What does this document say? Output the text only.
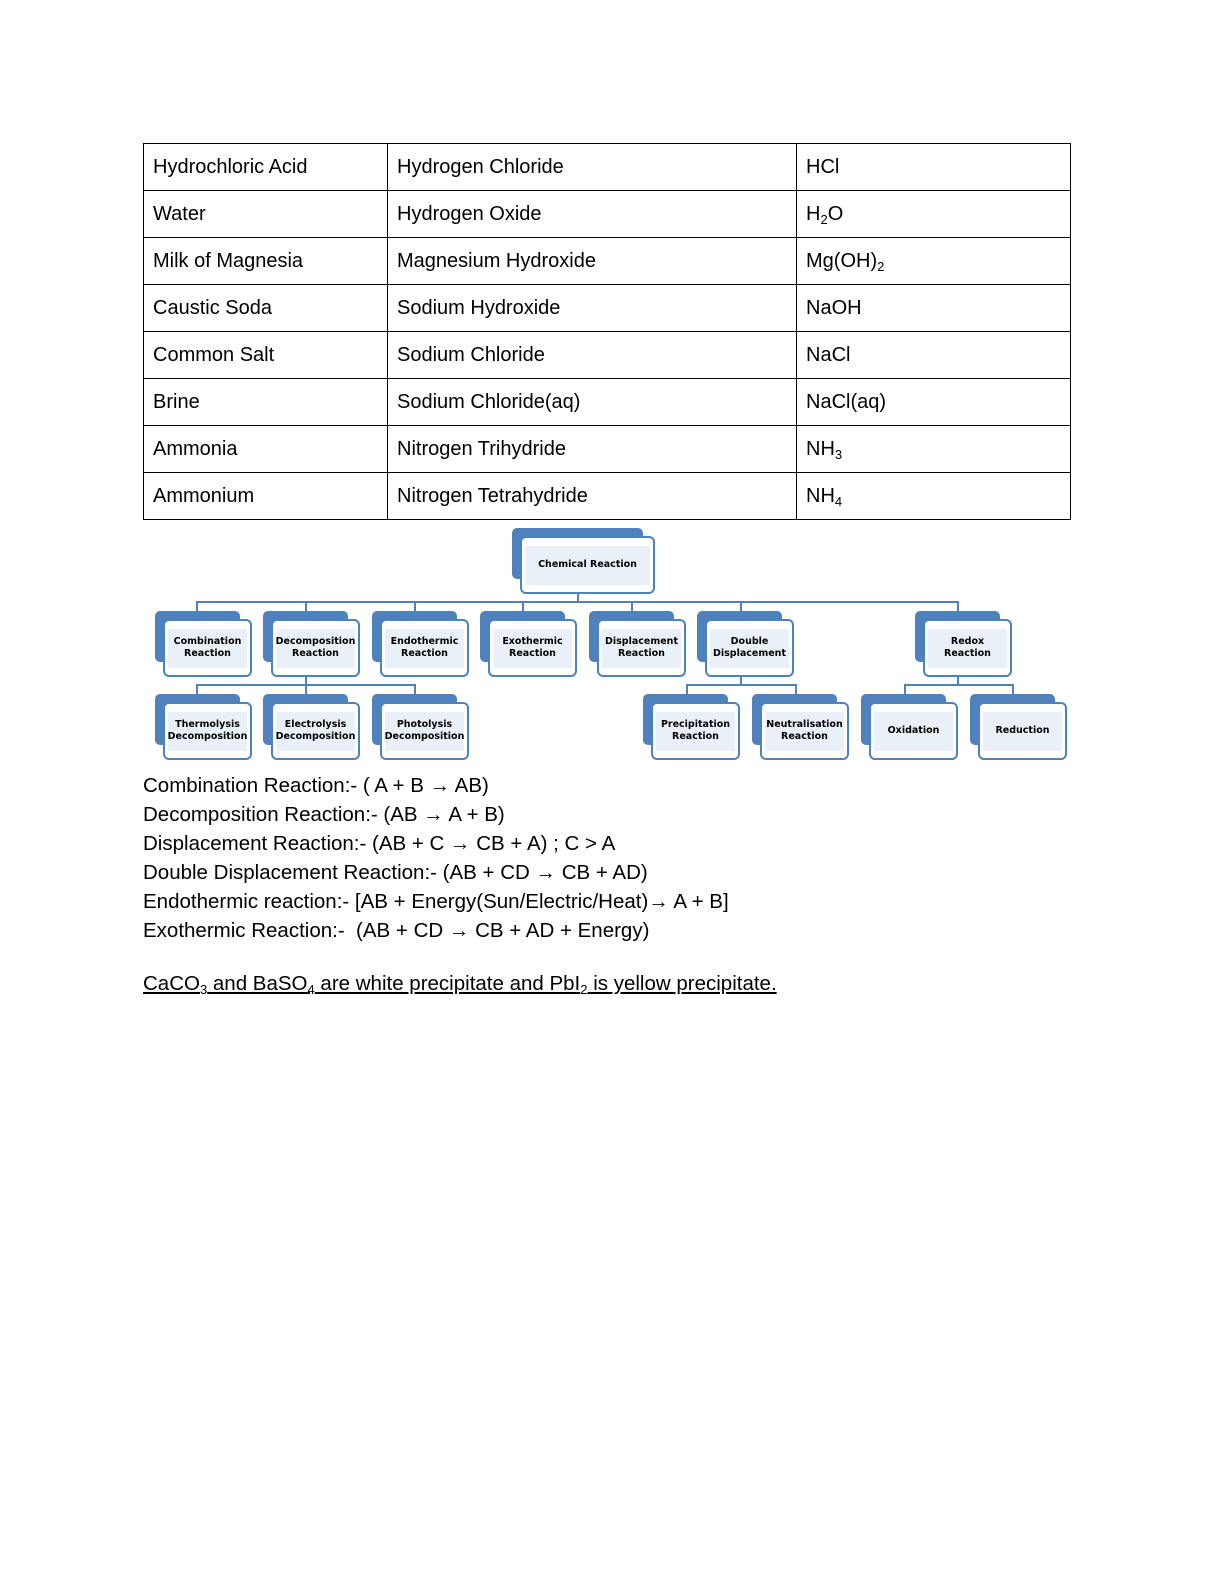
Hydrochloric Acid	Hydrogen Chloride	HCl
Water	Hydrogen Oxide	$H_2O$
Milk of Magnesia	Magnesium Hydroxide	$Mg(OH)_2$
Caustic Soda	Sodium Hydroxide	NaOH
Common Salt	Sodium Chloride	NaCl
Brine	Sodium Chloride(aq)	NaCl(aq)
Ammonia	Nitrogen Trihydride	$NH_3$
Ammonium	Nitrogen Tetrahydride	$NH_4$
Chemical Reaction
Combination
Reaction
Decomposition
Reaction
Endothermic
Reaction
Exothermic
Reaction
Displacement
Reaction
Double
Displacement
Redox Reaction
Thermolysis
Decomposition
Electrolysis
Decomposition
Photolysis
Decomposition
Precipitation
Reaction
Neutralisation
Reaction
Oxidation	Reduction
Combination Reaction:- ( A + B → AB)
Decomposition Reaction:- (AB → A + B)
Displacement Reaction:- (AB + C → CB + A) ; C > A
Double Displacement Reaction:- (AB + CD → CB + AD)
Endothermic reaction:- [AB + Energy(Sun/Electric/Heat)→ A + B]
Exothermic Reaction:-  (AB + CD → CB + AD + Energy)
CaCO$_3$ and BaSO$_4$ are white precipitate and PbI$_2$ is yellow precipitate.
